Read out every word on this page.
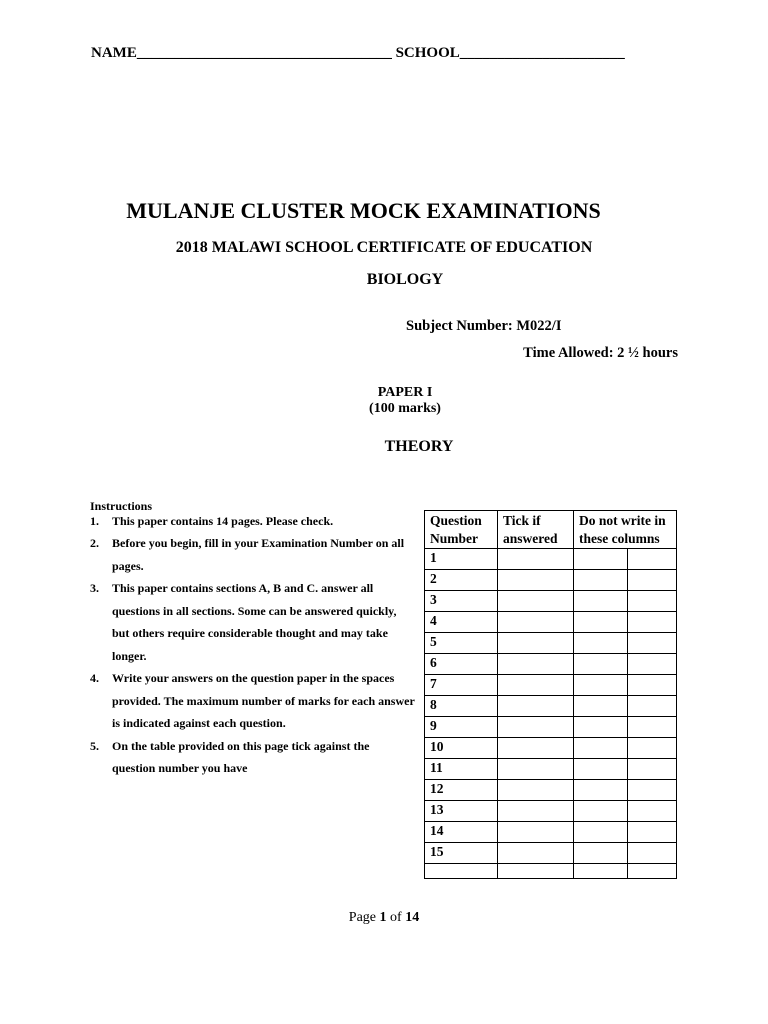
NAME__________________________________ SCHOOL______________________
MULANJE CLUSTER MOCK EXAMINATIONS
2018 MALAWI SCHOOL CERTIFICATE OF EDUCATION
BIOLOGY
Subject Number: M022/I
Time Allowed: 2 ½ hours
PAPER I
(100 marks)
THEORY
Instructions
1. This paper contains 14 pages. Please check.
2. Before you begin, fill in your Examination Number on all pages.
3. This paper contains sections A, B and C. answer all questions in all sections. Some can be answered quickly, but others require considerable thought and may take longer.
4. Write your answers on the question paper in the spaces provided. The maximum number of marks for each answer is indicated against each question.
5. On the table provided on this page tick against the question number you have
Question Number	Tick if answered	Do not write in these columns	
1			
2			
3			
4			
5			
6			
7			
8			
9			
10			
11			
12			
13			
14			
15			

Page 1 of 14
